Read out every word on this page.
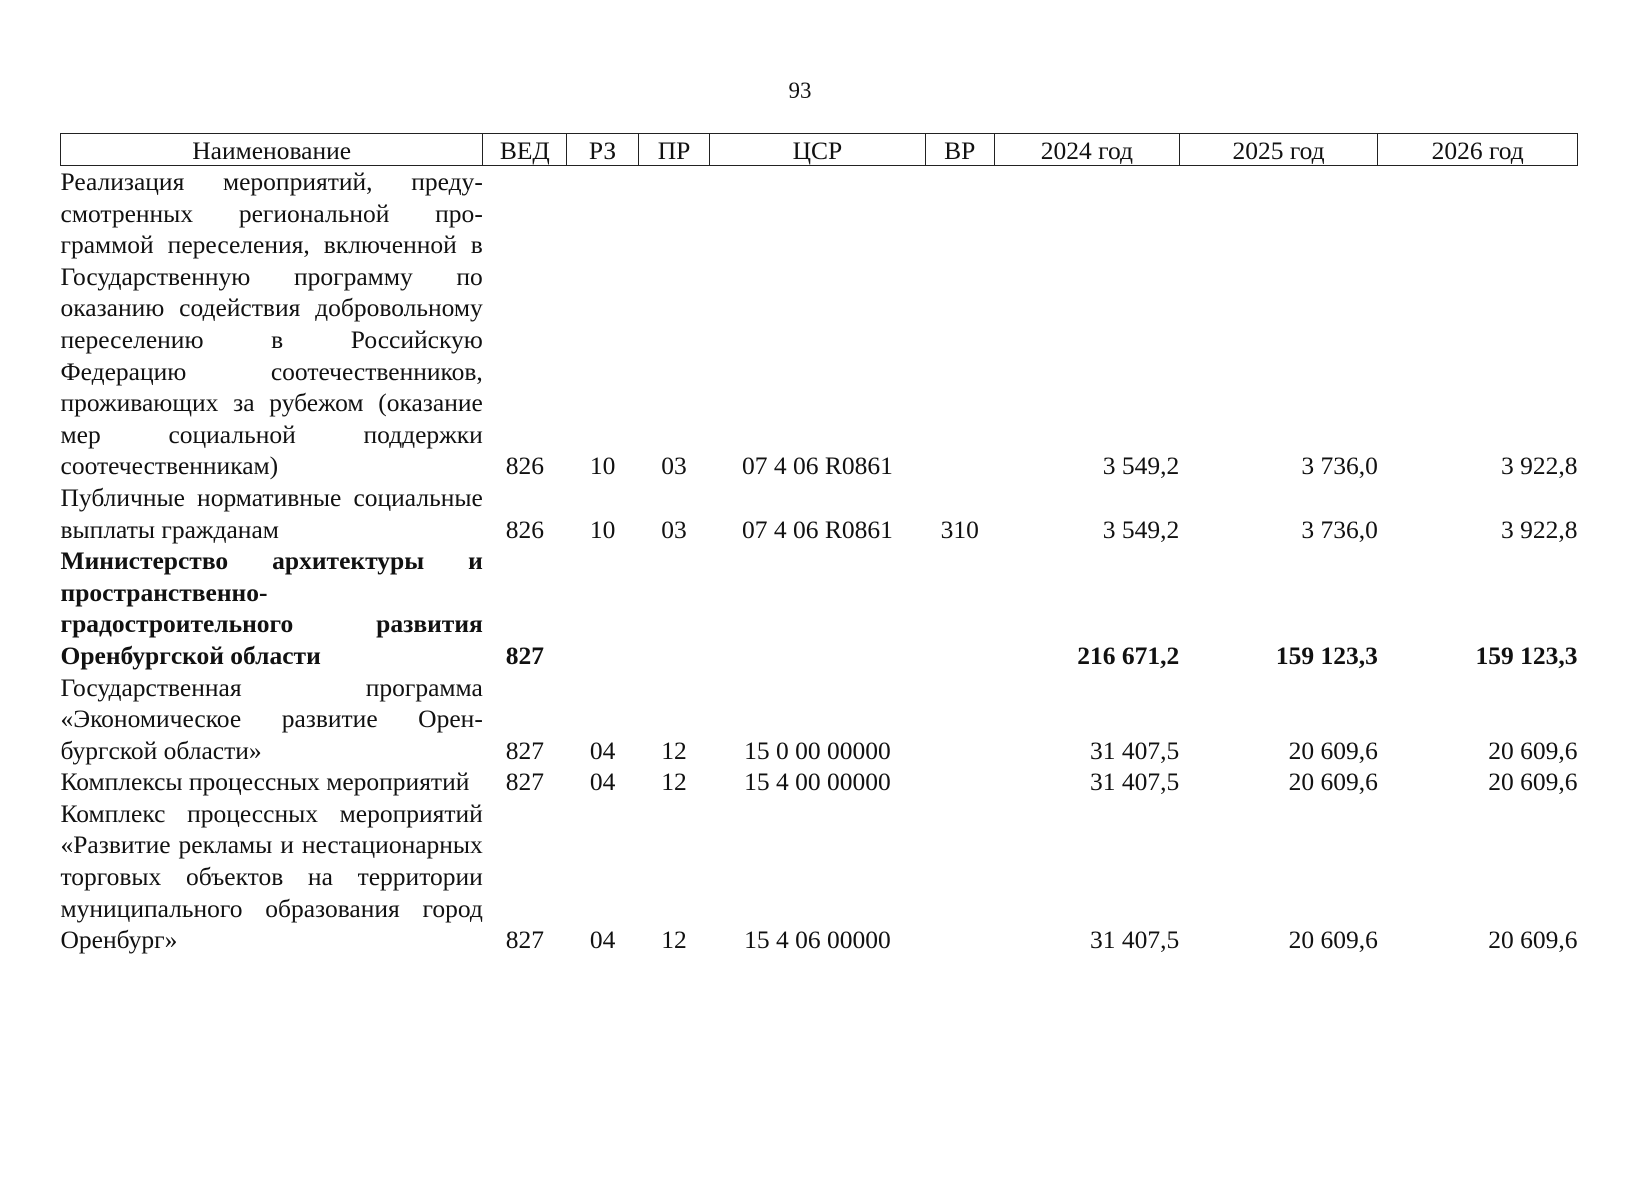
93
Наименование	ВЕД	РЗ	ПР	ЦСР	ВР	2024 год	2025 год	2026 год
Реализация мероприятий, предусмотренных региональной программой переселения, включенной в Государственную программу по оказанию содействия добровольному переселению в Российскую Федерацию соотечественников, проживающих за рубежом (оказание мер социальной поддержки соотечественникам)	826	10	03	07 4 06 R0861		3 549,2	3 736,0	3 922,8
Публичные нормативные социальные выплаты гражданам	826	10	03	07 4 06 R0861	310	3 549,2	3 736,0	3 922,8
Министерство архитектуры и пространственно-градостроительного развития Оренбургской области	827					216 671,2	159 123,3	159 123,3
Государственная программа «Экономическое развитие Оренбургской области»	827	04	12	15 0 00 00000		31 407,5	20 609,6	20 609,6
Комплексы процессных мероприятий	827	04	12	15 4 00 00000		31 407,5	20 609,6	20 609,6
Комплекс процессных мероприятий «Развитие рекламы и нестационарных торговых объектов на территории муниципального образования город Оренбург»	827	04	12	15 4 06 00000		31 407,5	20 609,6	20 609,6
